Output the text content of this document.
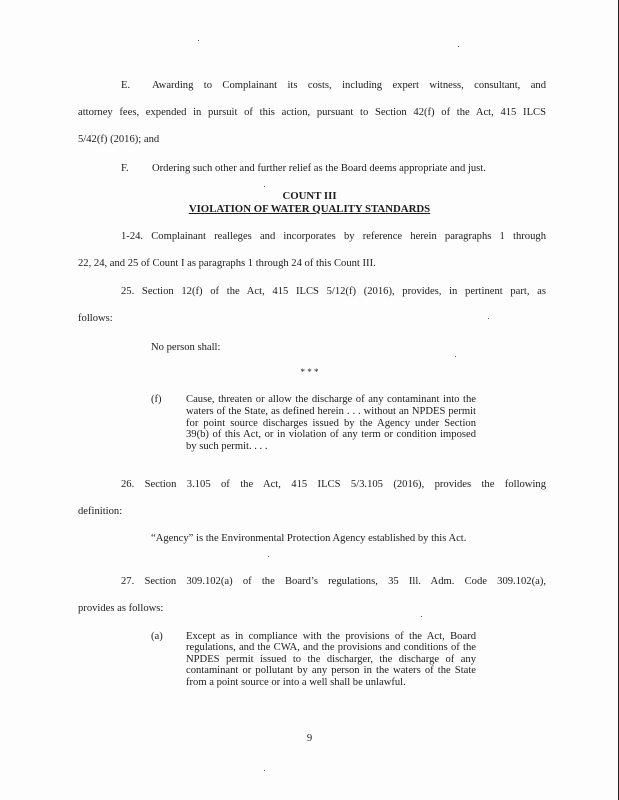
E. Awarding to Complainant its costs, including expert witness, consultant, and
attorney fees, expended in pursuit of this action, pursuant to Section 42(f) of the Act, 415 ILCS
5/42(f) (2016); and
F. Ordering such other and further relief as the Board deems appropriate and just.
COUNT III
VIOLATION OF WATER QUALITY STANDARDS
1-24. Complainant realleges and incorporates by reference herein paragraphs 1 through
22, 24, and 25 of Count I as paragraphs 1 through 24 of this Count III.
25. Section 12(f) of the Act, 415 ILCS 5/12(f) (2016), provides, in pertinent part, as
follows:
No person shall:
* * *
(f) Cause, threaten or allow the discharge of any contaminant into the waters of the State, as defined herein . . . without an NPDES permit for point source discharges issued by the Agency under Section 39(b) of this Act, or in violation of any term or condition imposed by such permit. . . .
26. Section 3.105 of the Act, 415 ILCS 5/3.105 (2016), provides the following
definition:
“Agency” is the Environmental Protection Agency established by this Act.
27. Section 309.102(a) of the Board’s regulations, 35 Ill. Adm. Code 309.102(a),
provides as follows:
(a) Except as in compliance with the provisions of the Act, Board regulations, and the CWA, and the provisions and conditions of the NPDES permit issued to the discharger, the discharge of any contaminant or pollutant by any person in the waters of the State from a point source or into a well shall be unlawful.
9
